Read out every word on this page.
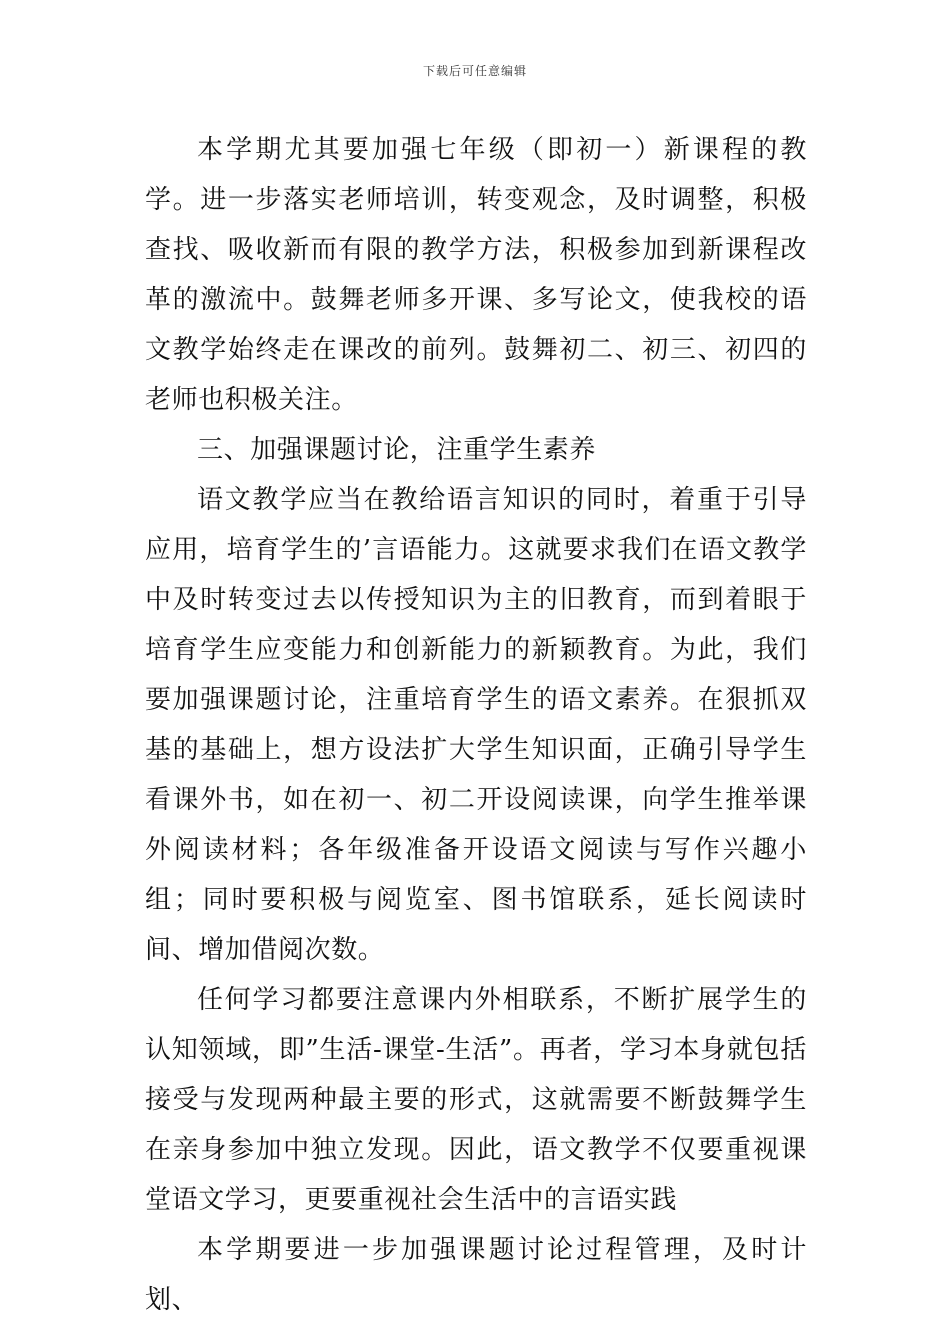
下载后可任意编辑

本学期尤其要加强七年级（即初一）新课程的教学。进一步落实老师培训，转变观念，及时调整，积极查找、吸收新而有限的教学方法，积极参加到新课程改革的激流中。鼓舞老师多开课、多写论文，使我校的语文教学始终走在课改的前列。鼓舞初二、初三、初四的老师也积极关注。

三、加强课题讨论，注重学生素养

语文教学应当在教给语言知识的同时，着重于引导应用，培育学生的’言语能力。这就要求我们在语文教学中及时转变过去以传授知识为主的旧教育，而到着眼于培育学生应变能力和创新能力的新颖教育。为此，我们要加强课题讨论，注重培育学生的语文素养。在狠抓双基的基础上，想方设法扩大学生知识面，正确引导学生看课外书，如在初一、初二开设阅读课，向学生推举课外阅读材料；各年级准备开设语文阅读与写作兴趣小组；同时要积极与阅览室、图书馆联系，延长阅读时间、增加借阅次数。

任何学习都要注意课内外相联系，不断扩展学生的认知领域，即”生活-课堂-生活”。再者，学习本身就包括接受与发现两种最主要的形式，这就需要不断鼓舞学生在亲身参加中独立发现。因此，语文教学不仅要重视课堂语文学习，更要重视社会生活中的言语实践

本学期要进一步加强课题讨论过程管理，及时计划、
